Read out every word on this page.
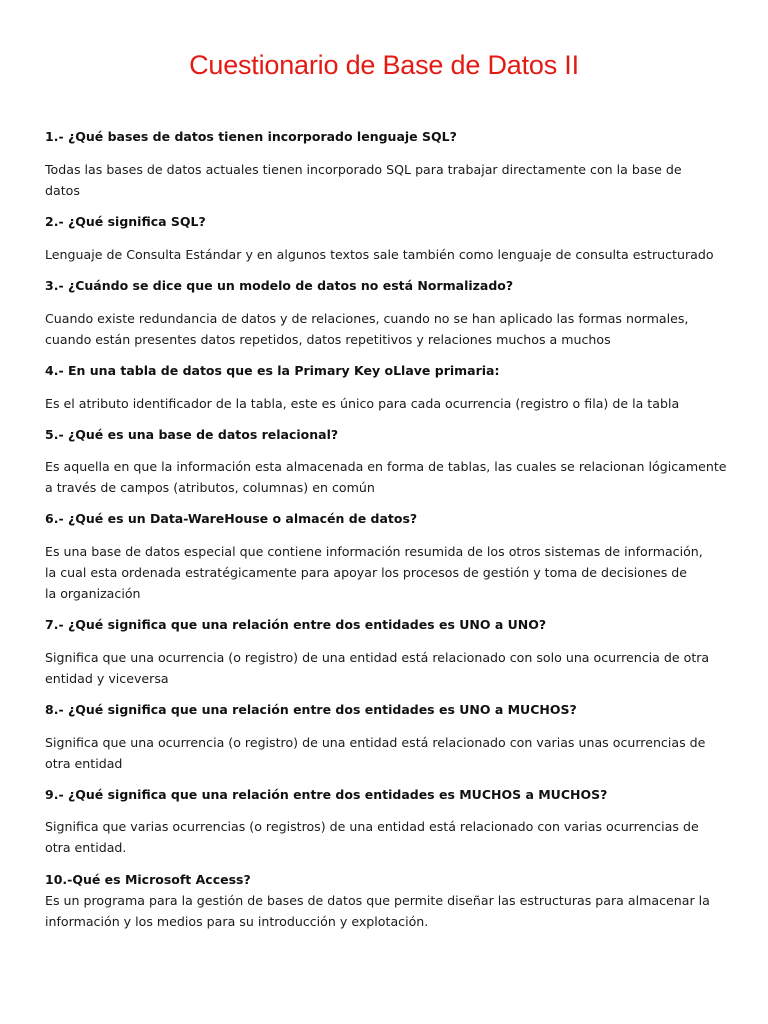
Cuestionario de Base de Datos II
1.- ¿Qué bases de datos tienen incorporado lenguaje SQL?
Todas las bases de datos actuales tienen incorporado SQL para trabajar directamente con la base de
datos
2.- ¿Qué significa SQL?
Lenguaje de Consulta Estándar y en algunos textos sale también como lenguaje de consulta estructurado
3.- ¿Cuándo se dice que un modelo de datos no está Normalizado?
Cuando existe redundancia de datos y de relaciones, cuando no se han aplicado las formas normales,
cuando están presentes datos repetidos, datos repetitivos y relaciones muchos a muchos
4.- En una tabla de datos que es la Primary Key oLlave primaria:
Es el atributo identificador de la tabla, este es único para cada ocurrencia (registro o fila) de la tabla
5.- ¿Qué es una base de datos relacional?
Es aquella en que la información esta almacenada en forma de tablas, las cuales se relacionan lógicamente
a través de campos (atributos, columnas) en común
6.- ¿Qué es un Data-WareHouse o almacén de datos?
Es una base de datos especial que contiene información resumida de los otros sistemas de información,
la cual esta ordenada estratégicamente para apoyar los procesos de gestión y toma de decisiones de
la organización
7.- ¿Qué significa que una relación entre dos entidades es UNO a UNO?
Significa que una ocurrencia (o registro) de una entidad está relacionado con solo una ocurrencia de otra
entidad y viceversa
8.- ¿Qué significa que una relación entre dos entidades es UNO a MUCHOS?
Significa que una ocurrencia (o registro) de una entidad está relacionado con varias unas ocurrencias de
otra entidad
9.- ¿Qué significa que una relación entre dos entidades es MUCHOS a MUCHOS?
Significa que varias ocurrencias (o registros) de una entidad está relacionado con varias ocurrencias de
otra entidad.
10.-Qué es Microsoft Access?
Es un programa para la gestión de bases de datos que permite diseñar las estructuras para almacenar la
información y los medios para su introducción y explotación.
